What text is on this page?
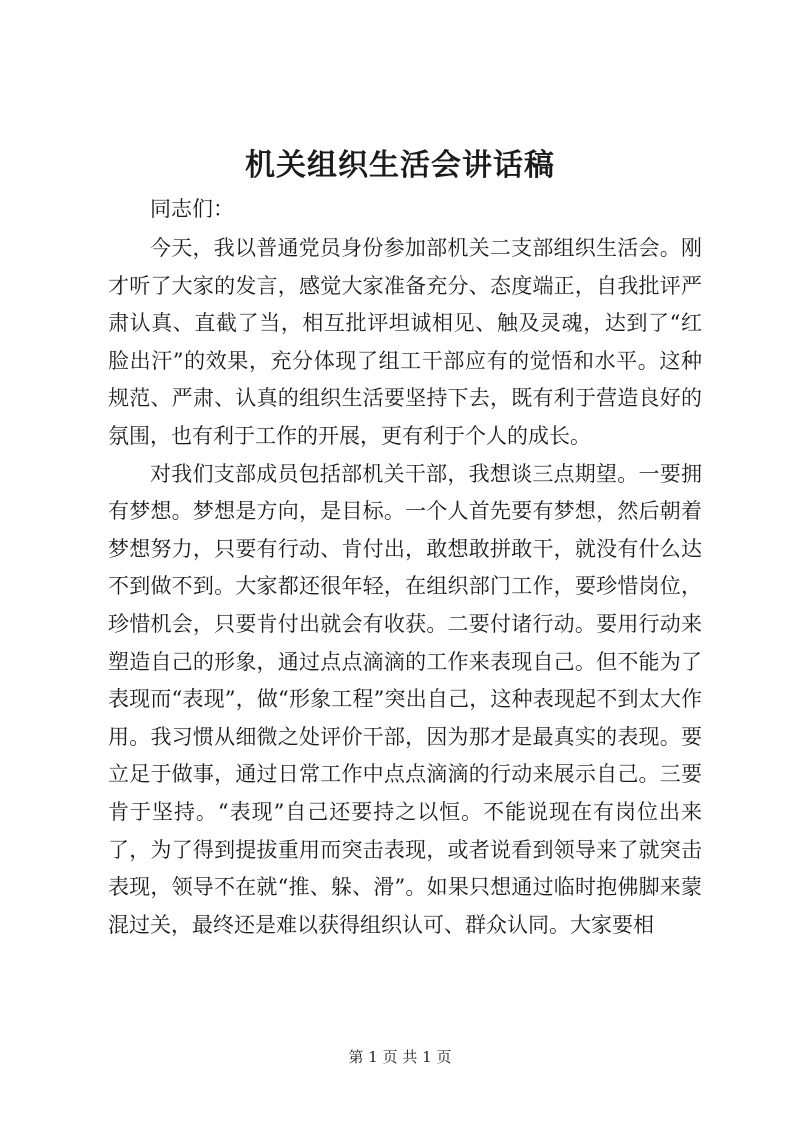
机关组织生活会讲话稿

同志们：

今天，我以普通党员身份参加部机关二支部组织生活会。刚才听了大家的发言，感觉大家准备充分、态度端正，自我批评严肃认真、直截了当，相互批评坦诚相见、触及灵魂，达到了“红脸出汗”的效果，充分体现了组工干部应有的觉悟和水平。这种规范、严肃、认真的组织生活要坚持下去，既有利于营造良好的氛围，也有利于工作的开展，更有利于个人的成长。

对我们支部成员包括部机关干部，我想谈三点期望。一要拥有梦想。梦想是方向，是目标。一个人首先要有梦想，然后朝着梦想努力，只要有行动、肯付出，敢想敢拼敢干，就没有什么达不到做不到。大家都还很年轻，在组织部门工作，要珍惜岗位，珍惜机会，只要肯付出就会有收获。二要付诸行动。要用行动来塑造自己的形象，通过点点滴滴的工作来表现自己。但不能为了表现而“表现”，做“形象工程”突出自己，这种表现起不到太大作用。我习惯从细微之处评价干部，因为那才是最真实的表现。要立足于做事，通过日常工作中点点滴滴的行动来展示自己。三要肯于坚持。“表现”自己还要持之以恒。不能说现在有岗位出来了，为了得到提拔重用而突击表现，或者说看到领导来了就突击表现，领导不在就“推、躲、滑”。如果只想通过临时抱佛脚来蒙混过关，最终还是难以获得组织认可、群众认同。大家要相

第 1 页 共 1 页
